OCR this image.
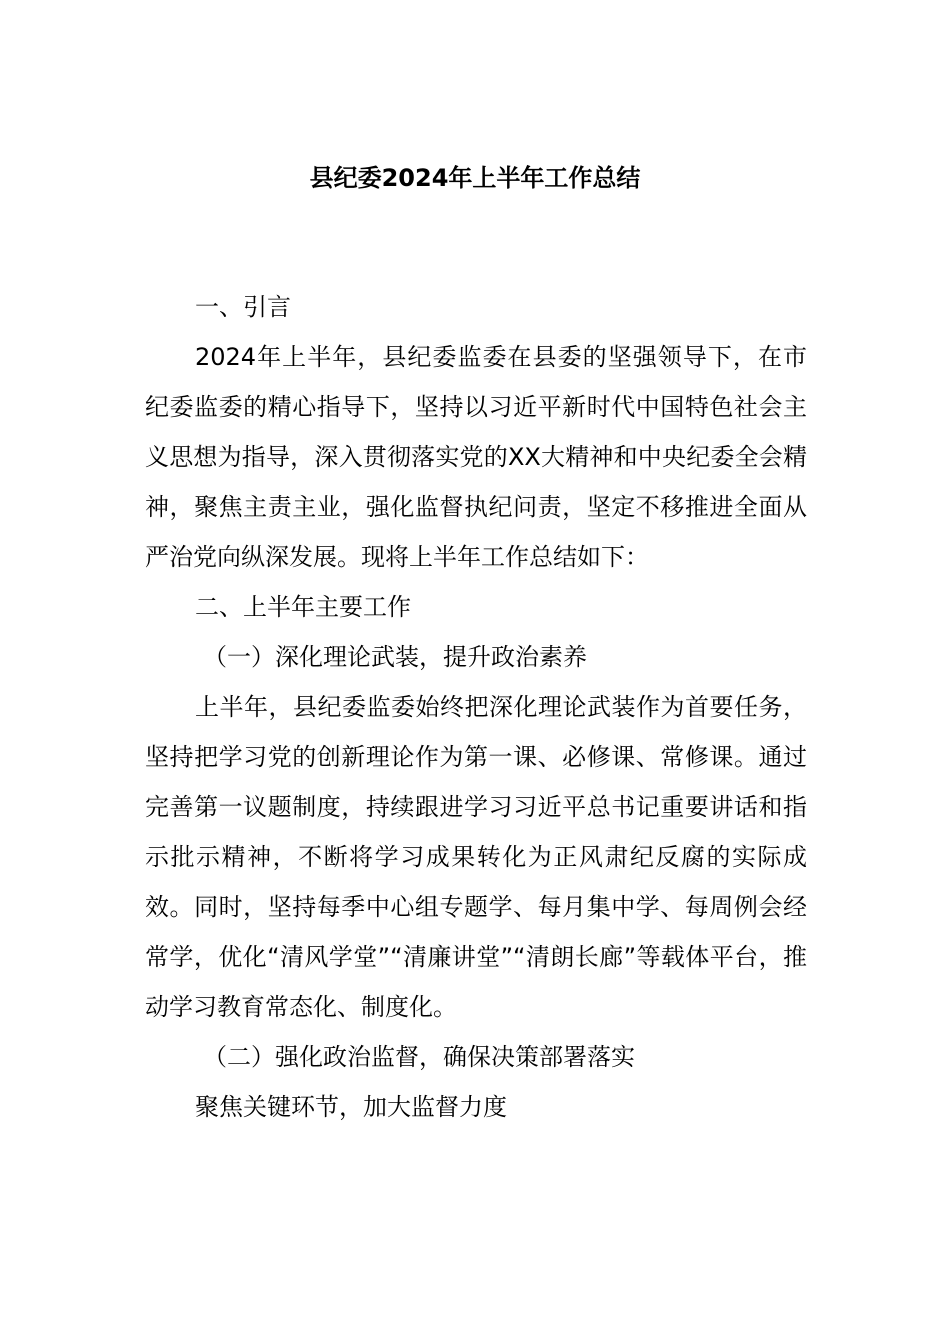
县纪委2024年上半年工作总结

一、引言

2024年上半年，县纪委监委在县委的坚强领导下，在市纪委监委的精心指导下，坚持以习近平新时代中国特色社会主义思想为指导，深入贯彻落实党的XX大精神和中央纪委全会精神，聚焦主责主业，强化监督执纪问责，坚定不移推进全面从严治党向纵深发展。现将上半年工作总结如下：

二、上半年主要工作

（一）深化理论武装，提升政治素养

上半年，县纪委监委始终把深化理论武装作为首要任务，坚持把学习党的创新理论作为第一课、必修课、常修课。通过完善第一议题制度，持续跟进学习习近平总书记重要讲话和指示批示精神，不断将学习成果转化为正风肃纪反腐的实际成效。同时，坚持每季中心组专题学、每月集中学、每周例会经常学，优化“清风学堂”“清廉讲堂”“清朗长廊”等载体平台，推动学习教育常态化、制度化。

（二）强化政治监督，确保决策部署落实

聚焦关键环节，加大监督力度
